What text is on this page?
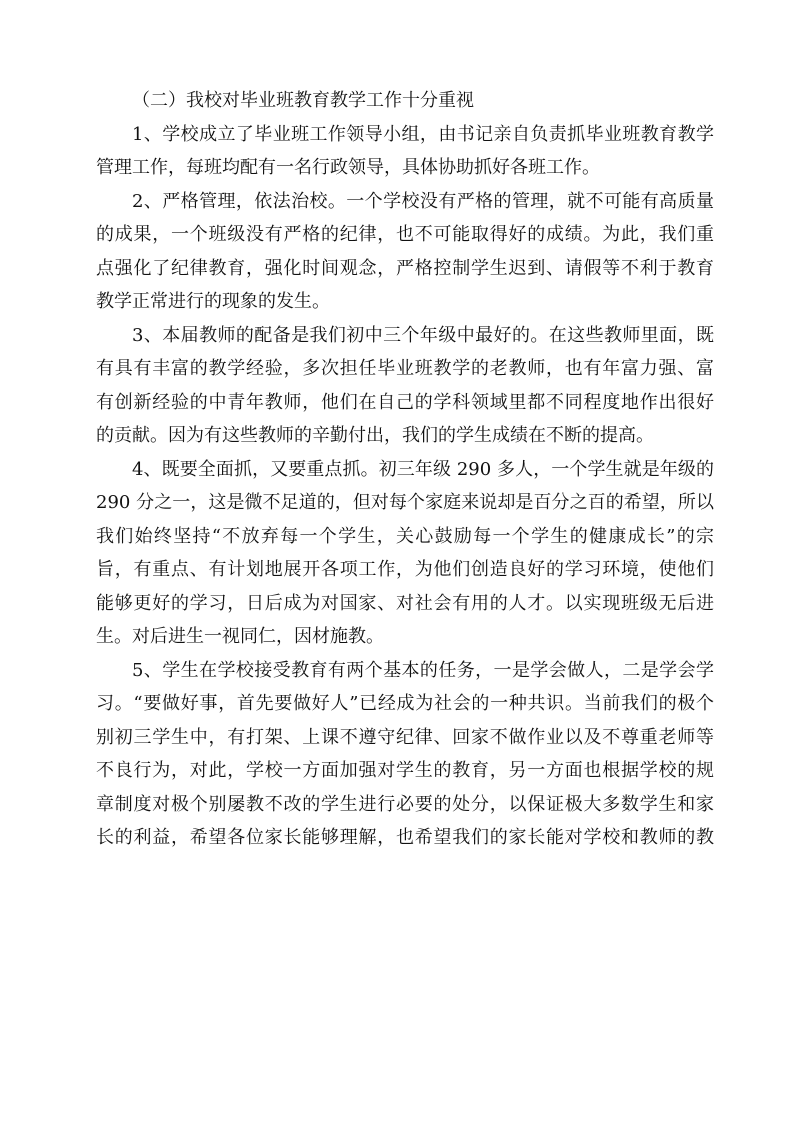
（二）我校对毕业班教育教学工作十分重视

1、学校成立了毕业班工作领导小组，由书记亲自负责抓毕业班教育教学
管理工作，每班均配有一名行政领导，具体协助抓好各班工作。

2、严格管理，依法治校。一个学校没有严格的管理，就不可能有高质量
的成果，一个班级没有严格的纪律，也不可能取得好的成绩。为此，我们重
点强化了纪律教育，强化时间观念，严格控制学生迟到、请假等不利于教育
教学正常进行的现象的发生。

3、本届教师的配备是我们初中三个年级中最好的。在这些教师里面，既
有具有丰富的教学经验，多次担任毕业班教学的老教师，也有年富力强、富
有创新经验的中青年教师，他们在自己的学科领域里都不同程度地作出很好
的贡献。因为有这些教师的辛勤付出，我们的学生成绩在不断的提高。

4、既要全面抓，又要重点抓。初三年级 290 多人，一个学生就是年级的
290 分之一，这是微不足道的，但对每个家庭来说却是百分之百的希望，所以
我们始终坚持“不放弃每一个学生，关心鼓励每一个学生的健康成长”的宗
旨，有重点、有计划地展开各项工作，为他们创造良好的学习环境，使他们
能够更好的学习，日后成为对国家、对社会有用的人才。以实现班级无后进
生。对后进生一视同仁，因材施教。

5、学生在学校接受教育有两个基本的任务，一是学会做人，二是学会学
习。“要做好事，首先要做好人”已经成为社会的一种共识。当前我们的极个
别初三学生中，有打架、上课不遵守纪律、回家不做作业以及不尊重老师等
不良行为，对此，学校一方面加强对学生的教育，另一方面也根据学校的规
章制度对极个别屡教不改的学生进行必要的处分，以保证极大多数学生和家
长的利益，希望各位家长能够理解，也希望我们的家长能对学校和教师的教
